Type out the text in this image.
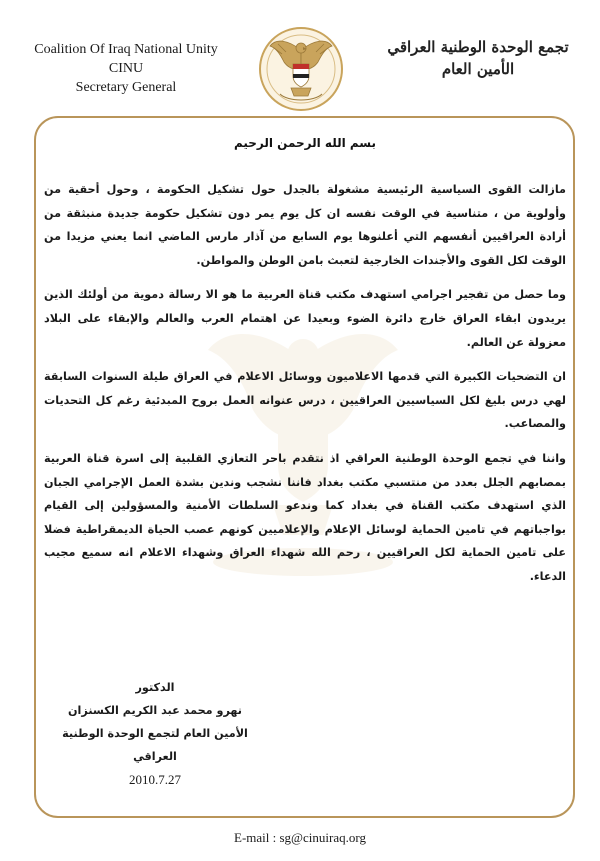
Coalition Of Iraq National Unity
CINU
Secretary General
تجمع الوحدة الوطنية العراقي
الأمين العام
بسم الله الرحمن الرحيم

مازالت القوى السياسية الرئيسية مشغولة بالجدل حول تشكيل الحكومة ، وحول أحقية من وأولوية من ، متناسية في الوقت نفسه ان كل يوم يمر دون تشكيل حكومة جديدة منبثقة من أرادة العراقيين أنفسهم التي أعلنوها يوم السابع من آذار مارس الماضي انما يعني مزيدا من الوقت لكل القوى والأجندات الخارجية لتعبث بامن الوطن والمواطن.

وما حصل من تفجير اجرامي استهدف مكتب قناة العربية ما هو الا رسالة دموية من أولئك الذين يريدون ابقاء العراق خارج دائرة الضوء وبعيدا عن اهتمام العرب والعالم والإبقاء على البلاد معزولة عن العالم.

ان التضحيات الكبيرة التي قدمها الاعلاميون ووسائل الاعلام في العراق طيلة السنوات السابقة لهي درس بليغ لكل السياسيين العراقيين ، درس عنوانه العمل بروح المبدئية رغم كل التحديات والمصاعب.

واننا في تجمع الوحدة الوطنية العراقي اذ نتقدم باحر التعازي القلبية إلى اسرة قناة العربية بمصابهم الجلل بعدد من منتسبي مكتب بغداد فاننا نشجب وندين بشدة العمل الإجرامي الجبان الذي استهدف مكتب القناة في بغداد كما وندعو السلطات الأمنية والمسؤولين إلى القيام بواجباتهم في تامين الحماية لوسائل الإعلام والإعلاميين كونهم عصب الحياة الديمقراطية فضلا على تامين الحماية لكل العراقيين ، رحم الله شهداء العراق وشهداء الاعلام انه سميع مجيب الدعاء.

الدكتور
نهرو محمد عبد الكريم الكسنزان
الأمين العام لتجمع الوحدة الوطنية العراقي
2010.7.27
E-mail : sg@cinuiraq.org
